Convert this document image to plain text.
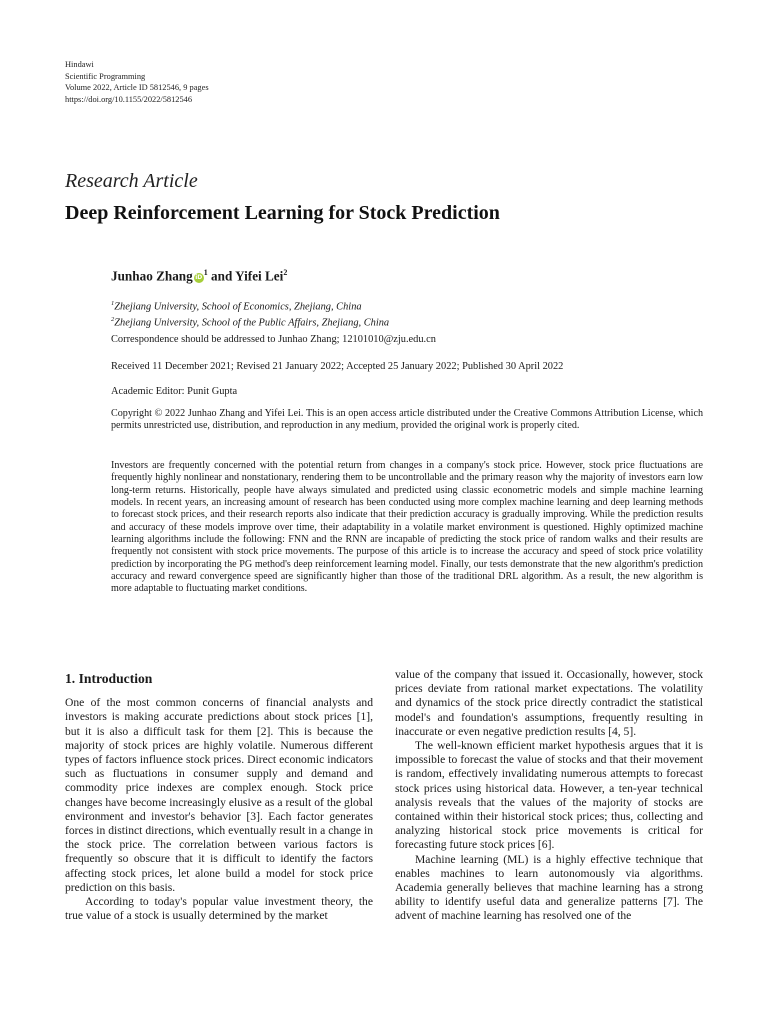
Hindawi
Scientific Programming
Volume 2022, Article ID 5812546, 9 pages
https://doi.org/10.1155/2022/5812546
Research Article
Deep Reinforcement Learning for Stock Prediction
Junhao Zhang $iD^1$ and Yifei Lei$^2$
$^1$Zhejiang University, School of Economics, Zhejiang, China
$^2$Zhejiang University, School of the Public Affairs, Zhejiang, China
Correspondence should be addressed to Junhao Zhang; 12101010@zju.edu.cn
Received 11 December 2021; Revised 21 January 2022; Accepted 25 January 2022; Published 30 April 2022
Academic Editor: Punit Gupta

Copyright © 2022 Junhao Zhang and Yifei Lei. This is an open access article distributed under the Creative Commons Attribution License, which permits unrestricted use, distribution, and reproduction in any medium, provided the original work is properly cited.

Investors are frequently concerned with the potential return from changes in a company's stock price. However, stock price fluctuations are frequently highly nonlinear and nonstationary, rendering them to be uncontrollable and the primary reason why the majority of investors earn low long-term returns. Historically, people have always simulated and predicted using classic econometric models and simple machine learning models. In recent years, an increasing amount of research has been conducted using more complex machine learning and deep learning methods to forecast stock prices, and their research reports also indicate that their prediction accuracy is gradually improving. While the prediction results and accuracy of these models improve over time, their adaptability in a volatile market environment is questioned. Highly optimized machine learning algorithms include the following: FNN and the RNN are incapable of predicting the stock price of random walks and their results are frequently not consistent with stock price movements. The purpose of this article is to increase the accuracy and speed of stock price volatility prediction by incorporating the PG method's deep reinforcement learning model. Finally, our tests demonstrate that the new algorithm's prediction accuracy and reward convergence speed are significantly higher than those of the traditional DRL algorithm. As a result, the new algorithm is more adaptable to fluctuating market conditions.

1. Introduction

One of the most common concerns of financial analysts and investors is making accurate predictions about stock prices [1], but it is also a difficult task for them [2]. This is because the majority of stock prices are highly volatile. Numerous different types of factors influence stock prices. Direct economic indicators such as fluctuations in consumer supply and demand and commodity price indexes are complex enough. Stock price changes have become increasingly elusive as a result of the global environment and investor's behavior [3]. Each factor generates forces in distinct directions, which eventually result in a change in the stock price. The correlation between various factors is frequently so obscure that it is difficult to identify the factors affecting stock prices, let alone build a model for stock price prediction on this basis.

According to today's popular value investment theory, the true value of a stock is usually determined by the market

value of the company that issued it. Occasionally, however, stock prices deviate from rational market expectations. The volatility and dynamics of the stock price directly contradict the statistical model's and foundation's assumptions, frequently resulting in inaccurate or even negative prediction results [4, 5].

The well-known efficient market hypothesis argues that it is impossible to forecast the value of stocks and that their movement is random, effectively invalidating numerous attempts to forecast stock prices using historical data. However, a ten-year technical analysis reveals that the values of the majority of stocks are contained within their historical stock prices; thus, collecting and analyzing historical stock price movements is critical for forecasting future stock prices [6].

Machine learning (ML) is a highly effective technique that enables machines to learn autonomously via algorithms. Academia generally believes that machine learning has a strong ability to identify useful data and generalize patterns [7]. The advent of machine learning has resolved one of the
